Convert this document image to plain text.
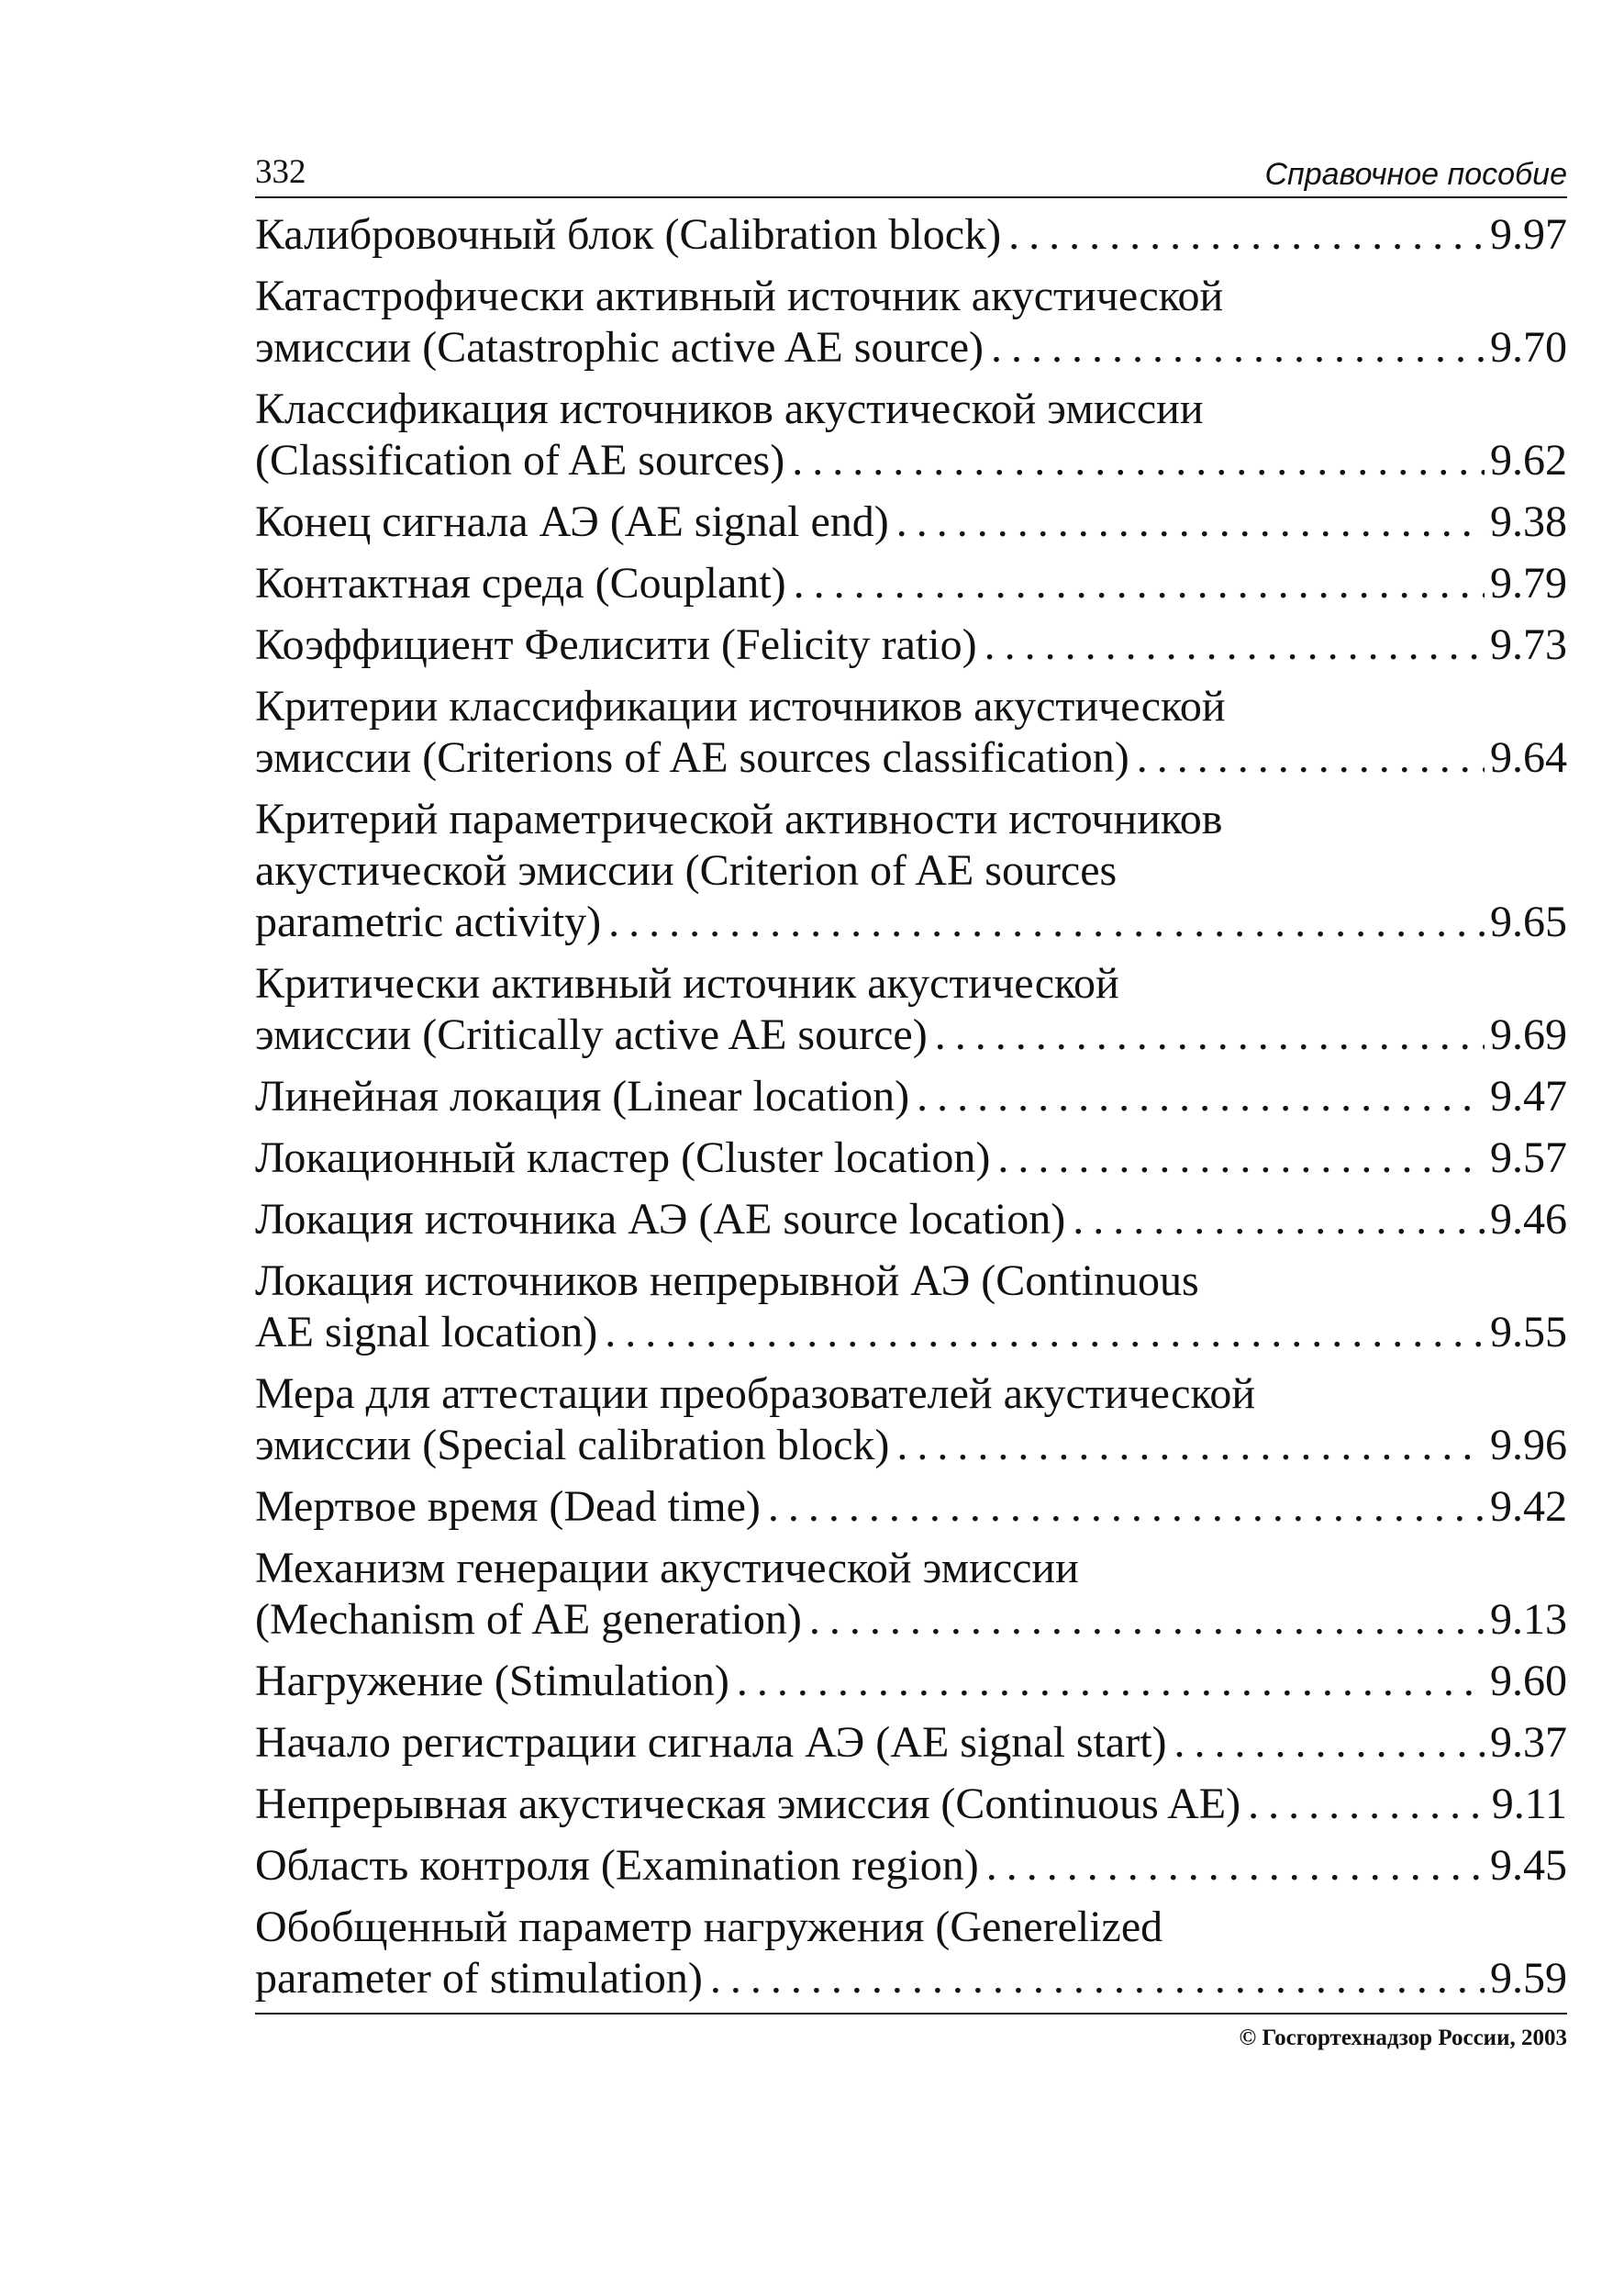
332	Справочное пособие
Калибровочный блок (Calibration block) . . .	9.97
Катастрофически активный источник акустической
эмиссии (Catastrophic active AE source) . . .	9.70
Классификация источников акустической эмиссии
(Classification of AE sources) . . .	9.62
Конец сигнала АЭ (AE signal end) . . .	9.38
Контактная среда (Couplant) . . .	9.79
Коэффициент Фелисити (Felicity ratio) . . .	9.73
Критерии классификации источников акустической
эмиссии (Criterions of AE sources classification) . . .	9.64
Критерий параметрической активности источников
акустической эмиссии (Criterion of AE sources
parametric activity) . . .	9.65
Критически активный источник акустической
эмиссии (Critically active AE source) . . .	9.69
Линейная локация (Linear location) . . .	9.47
Локационный кластер (Cluster location) . . .	9.57
Локация источника АЭ (AE source location) . . .	9.46
Локация источников непрерывной АЭ (Continuous
AE signal location) . . .	9.55
Мера для аттестации преобразователей акустической
эмиссии (Special calibration block) . . .	9.96
Мертвое время (Dead time) . . .	9.42
Механизм генерации акустической эмиссии
(Mechanism of AE generation) . . .	9.13
Нагружение (Stimulation) . . .	9.60
Начало регистрации сигнала АЭ (AE signal start) . . .	9.37
Непрерывная акустическая эмиссия (Continuous AE) . . .	9.11
Область контроля (Examination region) . . .	9.45
Обобщенный параметр нагружения (Generelized
parameter of stimulation) . . .	9.59
© Госгортехнадзор России, 2003
